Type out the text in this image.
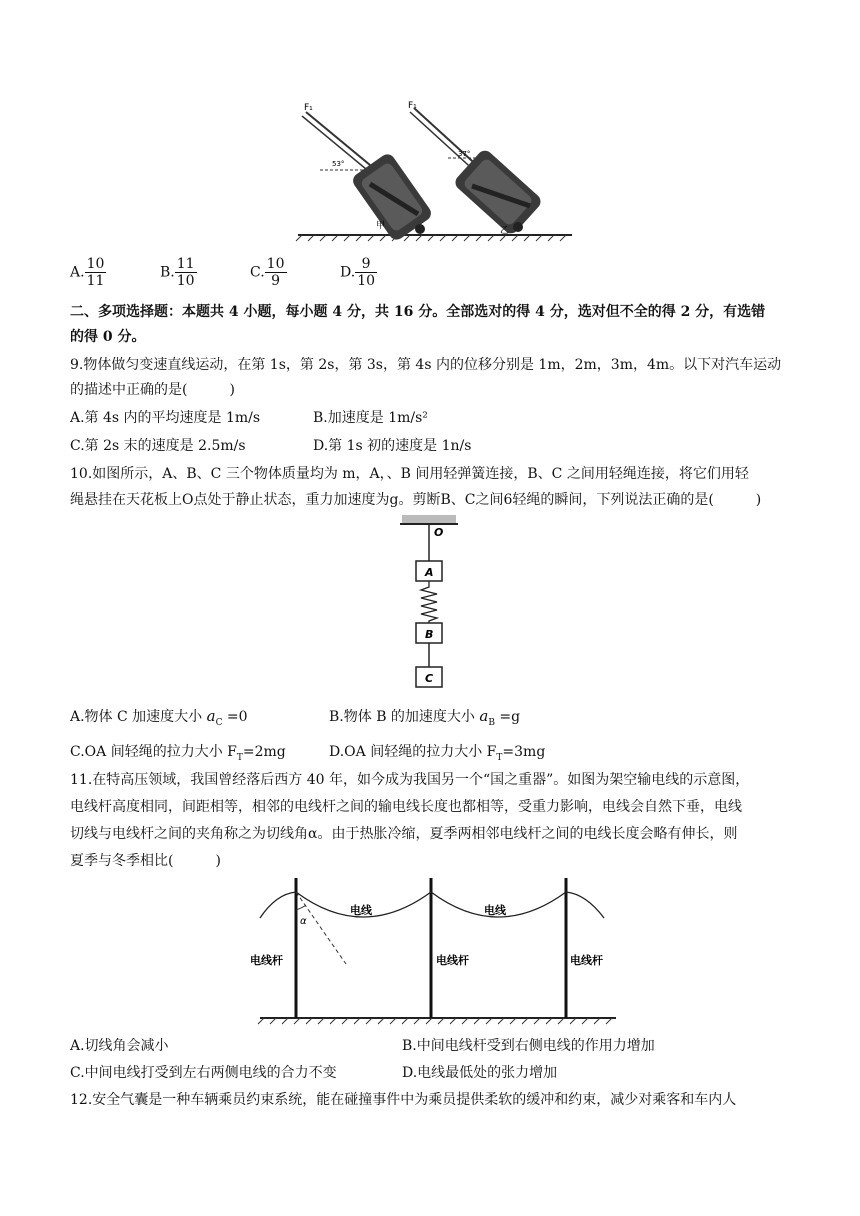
F₁	F₁
53°
37°
甲	乙
A. $\frac{10}{11}$	B. $\frac{11}{10}$	C. $\frac{10}{9}$	D. $\frac{9}{10}$
二、多项选择题：本题共 4 小题，每小题 4 分，共 16 分。全部选对的得 4 分，选对但不全的得 2 分，有选错
的得 0 分。
9.物体做匀变速直线运动，在第 1s，第 2s，第 3s，第 4s 内的位移分别是 1m，2m，3m，4m。以下对汽车运动
的描述中正确的是(　　　)
A.第 4s 内的平均速度是 1m/s	B.加速度是 1m/s²
C.第 2s 末的速度是 2.5m/s	D.第 1s 初的速度是 1n/s
10.如图所示，A、B、C 三个物体质量均为 m，A，、B 间用轻弹簧连接，B、C 之间用轻绳连接，将它们用轻
绳悬挂在天花板上O点处于静止状态，重力加速度为g。剪断B、C之间6轻绳的瞬间，下列说法正确的是(　　　)
O
A
B
C
A.物体 C 加速度大小 $a_C =0$	B.物体 B 的加速度大小 $a_B =g$
C.OA 间轻绳的拉力大小 $F_T=2mg$	D.OA 间轻绳的拉力大小 $F_T=3mg$
11.在特高压领域，我国曾经落后西方 40 年，如今成为我国另一个“国之重器”。如图为架空输电线的示意图，
电线杆高度相同，间距相等，相邻的电线杆之间的输电线长度也都相等，受重力影响，电线会自然下垂，电线
切线与电线杆之间的夹角称之为切线角α。由于热胀冷缩，夏季两相邻电线杆之间的电线长度会略有伸长，则
夏季与冬季相比(　　　)
α
电线	电线
电线杆	电线杆	电线杆
A.切线角会减小	B.中间电线杆受到右侧电线的作用力增加
C.中间电线打受到左右两侧电线的合力不变	D.电线最低处的张力增加
12.安全气囊是一种车辆乘员约束系统，能在碰撞事件中为乘员提供柔软的缓冲和约束，减少对乘客和车内人
